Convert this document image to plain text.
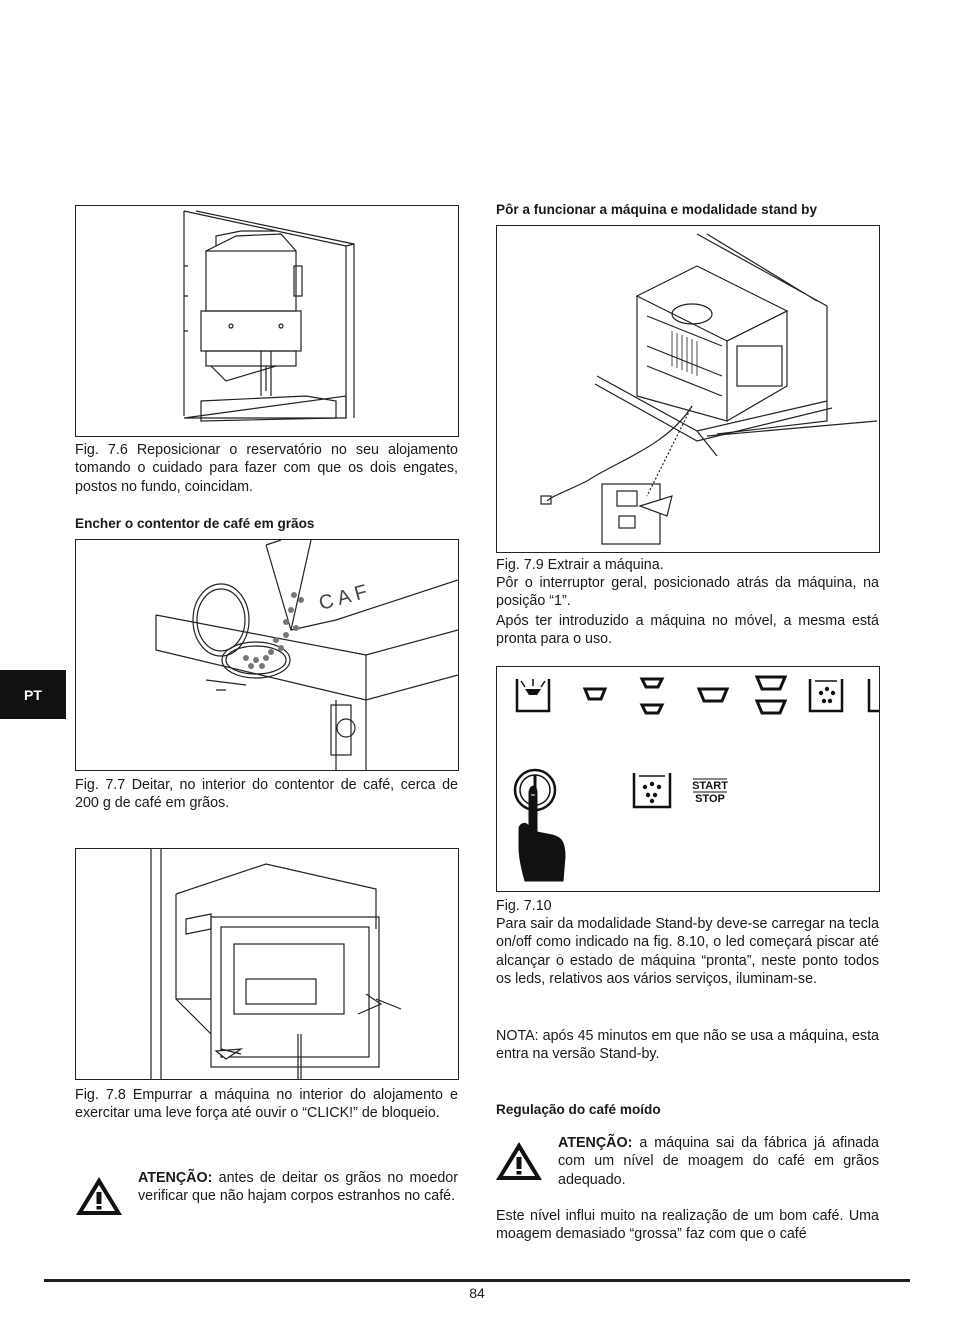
PT
Fig. 7.6 Reposicionar o reservatório no seu alojamento tomando o cuidado para fazer com que os dois engates, postos no fundo, coincidam.
Encher o contentor de café em grãos
C A F
Fig. 7.7 Deitar, no interior do contentor de café, cerca de 200 g de café em grãos.
Fig. 7.8 Empurrar a máquina no interior do alojamento e exercitar uma leve força até ouvir o “CLICK!” de bloqueio.
ATENÇÃO: antes de deitar os grãos no moedor verificar que não hajam corpos estranhos no café.
Pôr a funcionar a máquina e modalidade stand by
Fig. 7.9 Extrair a máquina.
Pôr o interruptor geral, posicionado atrás da máquina, na posição “1”.
Após ter introduzido a máquina no móvel, a mesma está pronta para o uso.
START
STOP
Fig. 7.10
Para sair da modalidade Stand-by deve-se carregar na tecla on/off como indicado na fig. 8.10, o led começará piscar até alcançar o estado de máquina “pronta”, neste ponto todos os leds, relativos aos vários serviços, iluminam-se.
NOTA: após 45 minutos em que não se usa a máquina, esta entra na versão Stand-by.
Regulação do café moído
ATENÇÃO: a máquina sai da fábrica já afinada com um nível de moagem do café em grãos adequado.
Este nível influi muito na realização de um bom café. Uma moagem demasiado “grossa” faz com que o café
84
